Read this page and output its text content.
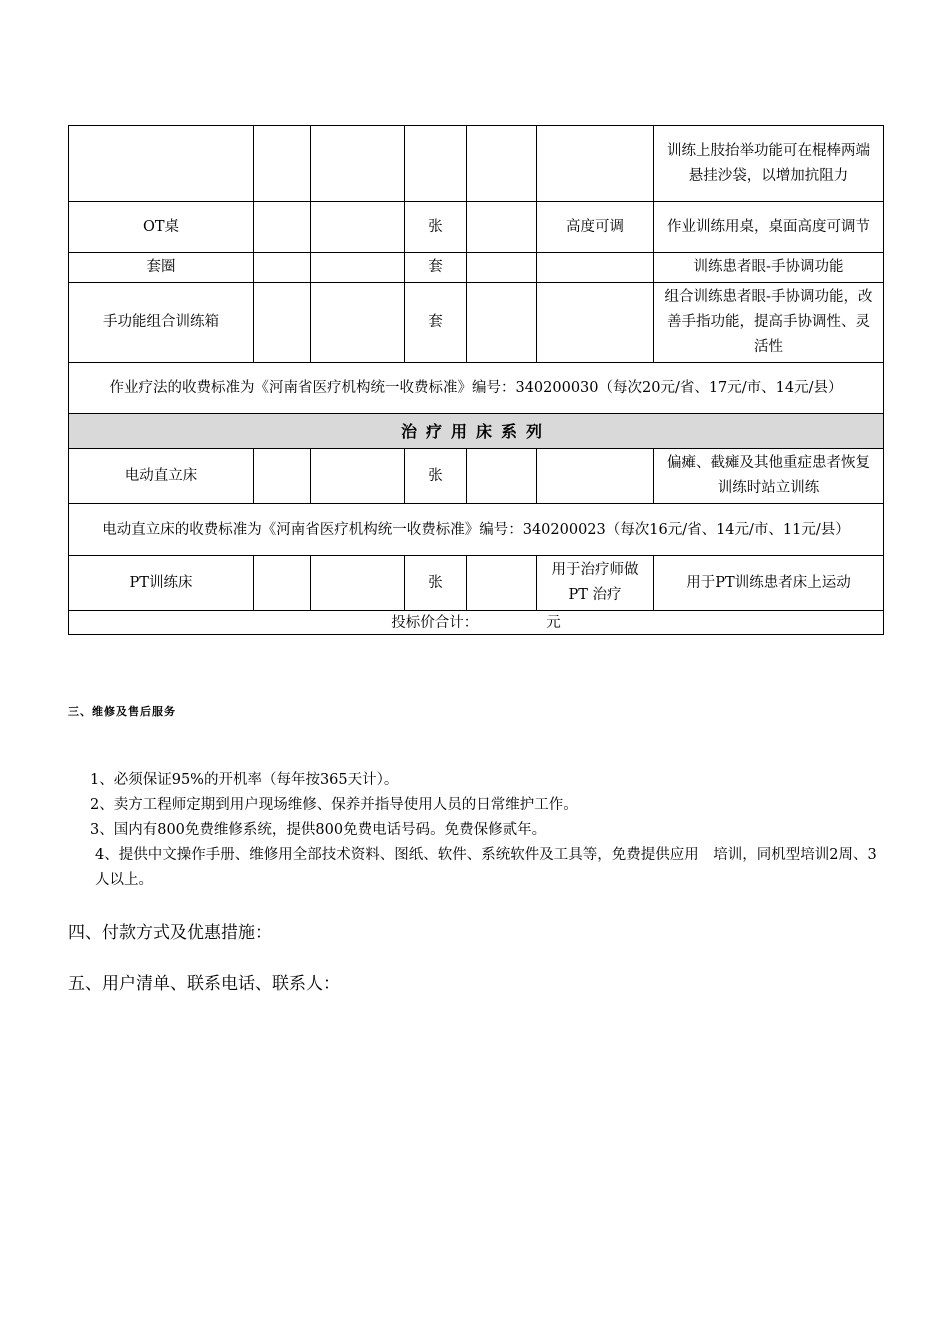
						训练上肢抬举功能可在棍棒两端悬挂沙袋，以增加抗阻力
OT桌			张		高度可调	作业训练用桌，桌面高度可调节
套圈			套			训练患者眼-手协调功能
手功能组合训练箱			套			组合训练患者眼-手协调功能，改善手指功能，提高手协调性、灵活性
作业疗法的收费标准为《河南省医疗机构统一收费标准》编号：340200030（每次20元/省、17元/市、14元/县）						
治疗用床系列						
电动直立床			张			偏瘫、截瘫及其他重症患者恢复训练时站立训练
电动直立床的收费标准为《河南省医疗机构统一收费标准》编号：340200023（每次16元/省、14元/市、11元/县）						
PT训练床			张		用于治疗师做PT 治疗	用于PT训练患者床上运动
投标价合计： 元						
三、维修及售后服务
1、必须保证95%的开机率（每年按365天计）。
2、卖方工程师定期到用户现场维修、保养并指导使用人员的日常维护工作。
3、国内有800免费维修系统，提供800免费电话号码。免费保修贰年。
4、提供中文操作手册、维修用全部技术资料、图纸、软件、系统软件及工具等，免费提供应用　培训，同机型培训2周、3人以上。
四、付款方式及优惠措施：
五、用户清单、联系电话、联系人：
